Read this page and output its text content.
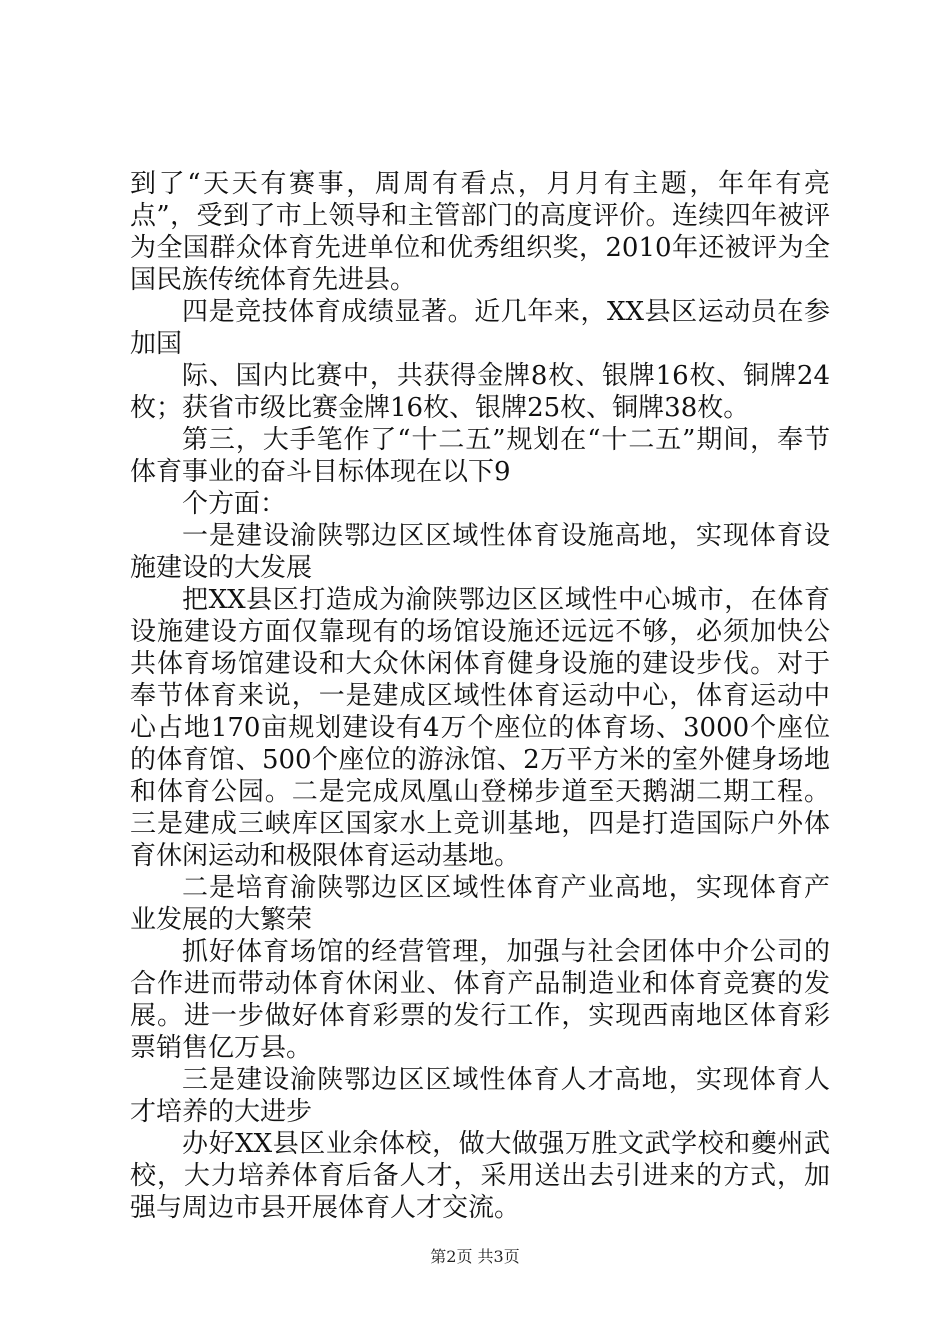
到了“天天有赛事，周周有看点，月月有主题，年年有亮点”，受到了市上领导和主管部门的高度评价。连续四年被评为全国群众体育先进单位和优秀组织奖，2010年还被评为全国民族传统体育先进县。

四是竞技体育成绩显著。近几年来，XX县区运动员在参加国

际、国内比赛中，共获得金牌8枚、银牌16枚、铜牌24枚；获省市级比赛金牌16枚、银牌25枚、铜牌38枚。

第三，大手笔作了“十二五”规划在“十二五”期间，奉节体育事业的奋斗目标体现在以下9

个方面：

一是建设渝陕鄂边区区域性体育设施高地，实现体育设施建设的大发展

把XX县区打造成为渝陕鄂边区区域性中心城市，在体育设施建设方面仅靠现有的场馆设施还远远不够，必须加快公共体育场馆建设和大众休闲体育健身设施的建设步伐。对于奉节体育来说，一是建成区域性体育运动中心，体育运动中心占地170亩规划建设有4万个座位的体育场、3000个座位的体育馆、500个座位的游泳馆、2万平方米的室外健身场地和体育公园。二是完成凤凰山登梯步道至天鹅湖二期工程。三是建成三峡库区国家水上竞训基地，四是打造国际户外体育休闲运动和极限体育运动基地。

二是培育渝陕鄂边区区域性体育产业高地，实现体育产业发展的大繁荣

抓好体育场馆的经营管理，加强与社会团体中介公司的合作进而带动体育休闲业、体育产品制造业和体育竞赛的发展。进一步做好体育彩票的发行工作，实现西南地区体育彩票销售亿万县。

三是建设渝陕鄂边区区域性体育人才高地，实现体育人才培养的大进步

办好XX县区业余体校，做大做强万胜文武学校和夔州武校，大力培养体育后备人才，采用送出去引进来的方式，加强与周边市县开展体育人才交流。

第2页 共3页
